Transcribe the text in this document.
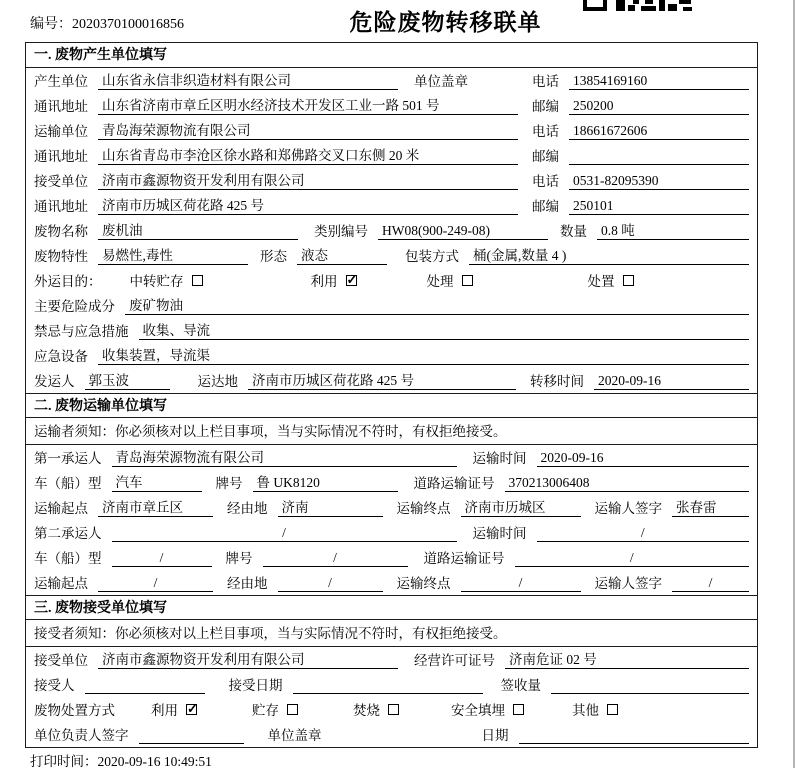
编号：2020370100016856	危险废物转移联单
一. 废物产生单位填写
产生单位 山东省永信非织造材料有限公司	单位盖章	电话 13854169160
通讯地址 山东省济南市章丘区明水经济技术开发区工业一路 501 号	邮编 250200
运输单位 青岛海荣源物流有限公司	电话 18661672606
通讯地址 山东省青岛市李沧区徐水路和郑佛路交叉口东侧 20 米	邮编
接受单位 济南市鑫源物资开发利用有限公司	电话 0531-82095390
通讯地址 济南市历城区荷花路 425 号	邮编 250101
废物名称 废机油	类别编号 HW08(900-249-08)	数量 0.8 吨
废物特性 易燃性,毒性	形态 液态	包装方式 桶(金属,数量 4 )
外运目的： 中转贮存	利用 ✓	处理	处置
主要危险成分 废矿物油
禁忌与应急措施 收集、导流
应急设备 收集装置，导流渠
发运人 郭玉波	运达地 济南市历城区荷花路 425 号	转移时间 2020-09-16
二. 废物运输单位填写
运输者须知：你必须核对以上栏目事项，当与实际情况不符时，有权拒绝接受。
第一承运人 青岛海荣源物流有限公司	运输时间 2020-09-16
车（船）型 汽车	牌号 鲁 UK8120	道路运输证号 370213006408
运输起点 济南市章丘区	经由地 济南	运输终点 济南市历城区	运输人签字 张春雷
第二承运人	/	运输时间	/
车（船）型	/	牌号	/	道路运输证号	/
运输起点	/	经由地	/	运输终点	/	运输人签字	/
三. 废物接受单位填写
接受者须知：你必须核对以上栏目事项，当与实际情况不符时，有权拒绝接受。
接受单位 济南市鑫源物资开发利用有限公司	经营许可证号 济南危证 02 号
接受人	接受日期	签收量
废物处置方式	利用 ✓	贮存	焚烧	安全填埋	其他
单位负责人签字	单位盖章	日期
打印时间：2020-09-16 10:49:51
